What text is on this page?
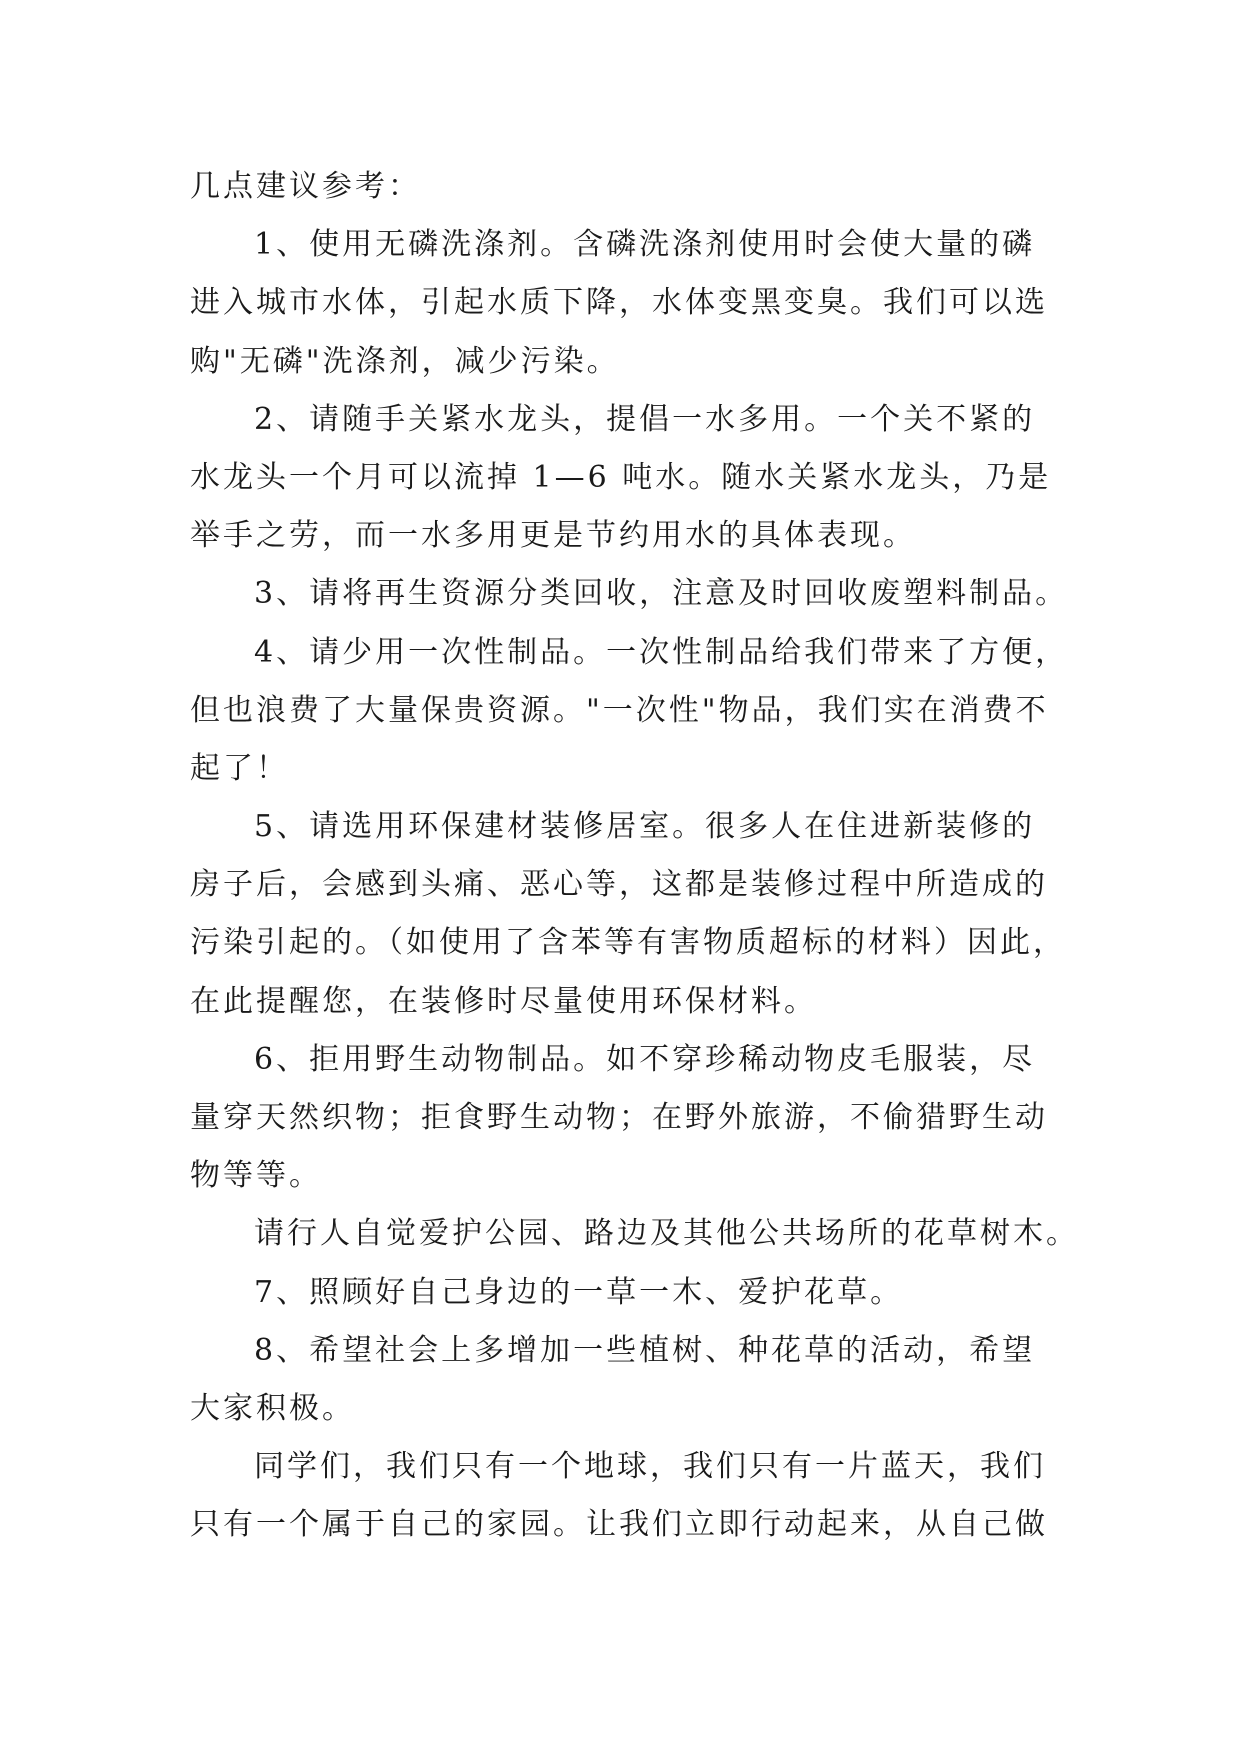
几点建议参考：
1、使用无磷洗涤剂。含磷洗涤剂使用时会使大量的磷
进入城市水体，引起水质下降，水体变黑变臭。我们可以选
购"无磷"洗涤剂，减少污染。
2、请随手关紧水龙头，提倡一水多用。一个关不紧的
水龙头一个月可以流掉 1—6 吨水。随水关紧水龙头，乃是
举手之劳，而一水多用更是节约用水的具体表现。
3、请将再生资源分类回收，注意及时回收废塑料制品。
4、请少用一次性制品。一次性制品给我们带来了方便，
但也浪费了大量保贵资源。"一次性"物品，我们实在消费不
起了！
5、请选用环保建材装修居室。很多人在住进新装修的
房子后，会感到头痛、恶心等，这都是装修过程中所造成的
污染引起的。（如使用了含苯等有害物质超标的材料）因此，
在此提醒您，在装修时尽量使用环保材料。
6、拒用野生动物制品。如不穿珍稀动物皮毛服装，尽
量穿天然织物；拒食野生动物；在野外旅游，不偷猎野生动
物等等。
请行人自觉爱护公园、路边及其他公共场所的花草树木。
7、照顾好自己身边的一草一木、爱护花草。
8、希望社会上多增加一些植树、种花草的活动，希望
大家积极。
同学们，我们只有一个地球，我们只有一片蓝天，我们
只有一个属于自己的家园。让我们立即行动起来，从自己做
